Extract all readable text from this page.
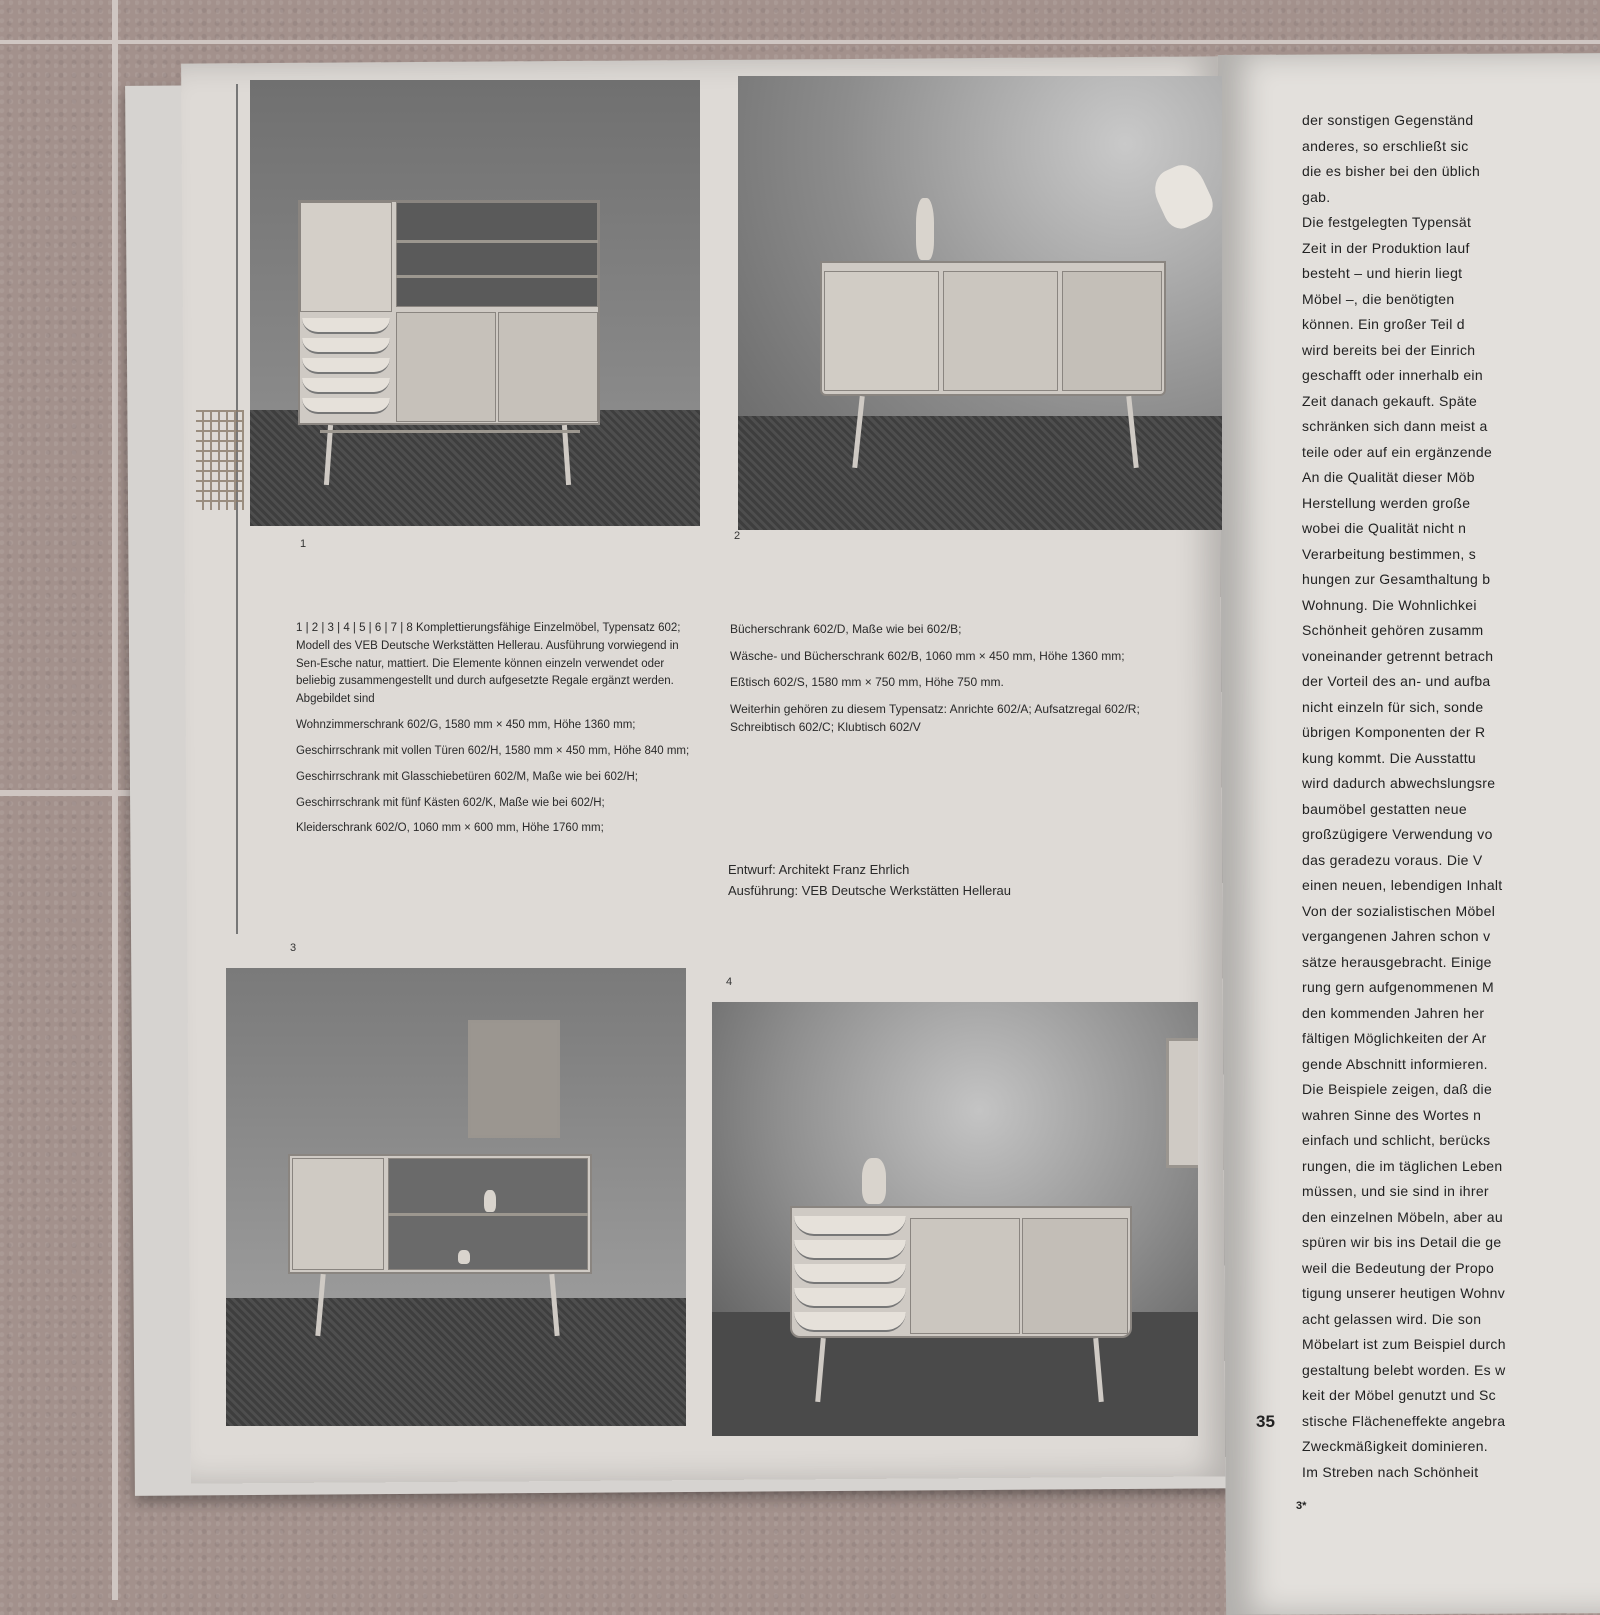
1
2

1 | 2 | 3 | 4 | 5 | 6 | 7 | 8 Komplettierungsfähige Einzelmöbel, Typensatz 602; Modell des VEB Deutsche Werkstätten Hellerau. Ausführung vorwiegend in Sen-Esche natur, mattiert. Die Elemente können einzeln verwendet oder beliebig zusammengestellt und durch aufgesetzte Regale ergänzt werden. Abgebildet sind

Wohnzimmerschrank 602/G, 1580 mm × 450 mm, Höhe 1360 mm;

Geschirrschrank mit vollen Türen 602/H, 1580 mm × 450 mm, Höhe 840 mm;

Geschirrschrank mit Glasschiebetüren 602/M, Maße wie bei 602/H;

Geschirrschrank mit fünf Kästen 602/K, Maße wie bei 602/H;

Kleiderschrank 602/O, 1060 mm × 600 mm, Höhe 1760 mm;

Bücherschrank 602/D, Maße wie bei 602/B;

Wäsche- und Bücherschrank 602/B, 1060 mm × 450 mm, Höhe 1360 mm;

Eßtisch 602/S, 1580 mm × 750 mm, Höhe 750 mm.

Weiterhin gehören zu diesem Typensatz: Anrichte 602/A; Aufsatzregal 602/R; Schreibtisch 602/C; Klubtisch 602/V

Entwurf: Architekt Franz Ehrlich
Ausführung: VEB Deutsche Werkstätten Hellerau
3
4
der sonstigen Gegenständ
anderes, so erschließt sic
die es bisher bei den üblich
gab.
Die festgelegten Typensät
Zeit in der Produktion lauf
besteht – und hierin liegt
Möbel –, die benötigten
können. Ein großer Teil d
wird bereits bei der Einrich
geschafft oder innerhalb ein
Zeit danach gekauft. Späte
schränken sich dann meist a
teile oder auf ein ergänzende
An die Qualität dieser Möb
Herstellung werden große
wobei die Qualität nicht n
Verarbeitung bestimmen, s
hungen zur Gesamthaltung b
Wohnung. Die Wohnlichkei
Schönheit gehören zusamm
voneinander getrennt betrach
der Vorteil des an- und aufba
nicht einzeln für sich, sonde
übrigen Komponenten der R
kung kommt. Die Ausstattu
wird dadurch abwechslungsre
baumöbel gestatten neue
großzügigere Verwendung vo
das geradezu voraus. Die V
einen neuen, lebendigen Inhalt
Von der sozialistischen Möbel
vergangenen Jahren schon v
sätze herausgebracht. Einige
rung gern aufgenommenen M
den kommenden Jahren her
fältigen Möglichkeiten der Ar
gende Abschnitt informieren.
Die Beispiele zeigen, daß die
wahren Sinne des Wortes n
einfach und schlicht, berücks
rungen, die im täglichen Leben
müssen, und sie sind in ihrer
den einzelnen Möbeln, aber au
spüren wir bis ins Detail die ge
weil die Bedeutung der Propo
tigung unserer heutigen Wohnv
acht gelassen wird. Die son
Möbelart ist zum Beispiel durch
gestaltung belebt worden. Es w
keit der Möbel genutzt und Sc
stische Flächeneffekte angebra
Zweckmäßigkeit dominieren.
Im Streben nach Schönheit
35
3*
